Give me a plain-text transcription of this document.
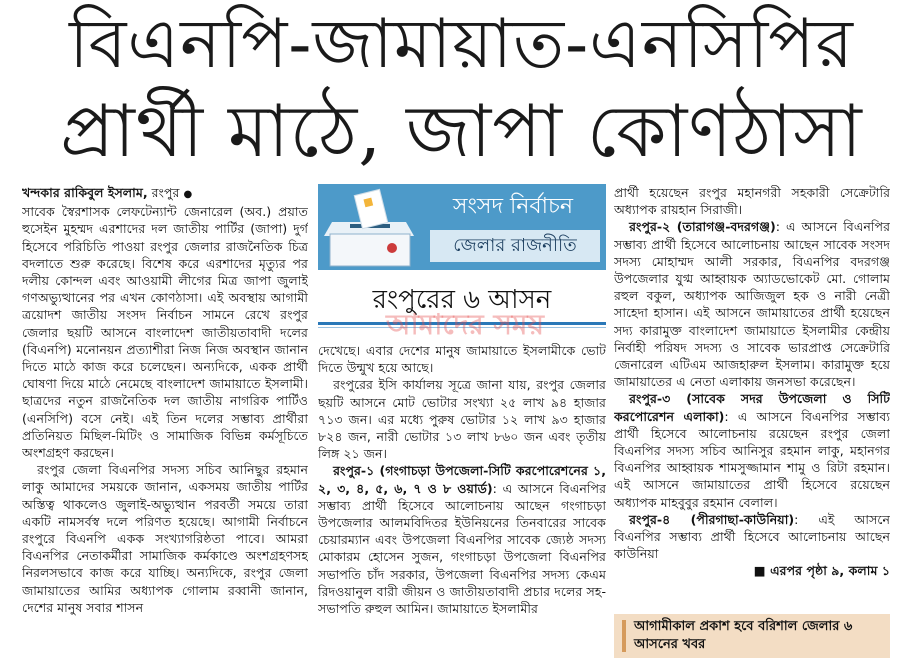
বিএনপি-জামায়াত-এনসিপির
প্রার্থী মাঠে, জাপা কোণঠাসা

খন্দকার রাকিবুল ইসলাম, রংপুর ●

সাবেক স্বৈরশাসক লেফটেন্যান্ট জেনারেল (অব.) প্রয়াত হুসেইন মুহম্মদ এরশাদের দল জাতীয় পার্টির (জাপা) দুর্গ হিসেবে পরিচিতি পাওয়া রংপুর জেলার রাজনৈতিক চিত্র বদলাতে শুরু করেছে। বিশেষ করে এরশাদের মৃত্যুর পর দলীয় কোন্দল এবং আওয়ামী লীগের মিত্র জাপা জুলাই গণঅভ্যুত্থানের পর এখন কোণঠাসা। এই অবস্থায় আগামী ত্রয়োদশ জাতীয় সংসদ নির্বাচন সামনে রেখে রংপুর জেলার ছয়টি আসনে বাংলাদেশ জাতীয়তাবাদী দলের (বিএনপি) মনোনয়ন প্রত্যাশীরা নিজ নিজ অবস্থান জানান দিতে মাঠে কাজ করে চলেছেন। অন্যদিকে, একক প্রার্থী ঘোষণা দিয়ে মাঠে নেমেছে বাংলাদেশ জামায়াতে ইসলামী। ছাত্রদের নতুন রাজনৈতিক দল জাতীয় নাগরিক পার্টিও (এনসিপি) বসে নেই। এই তিন দলের সম্ভাব্য প্রার্থীরা প্রতিনিয়ত মিছিল-মিটিং ও সামাজিক বিভিন্ন কর্মসূচিতে অংশগ্রহণ করছেন।

রংপুর জেলা বিএনপির সদস্য সচিব আনিছুর রহমান লাকু আমাদের সময়কে জানান, একসময় জাতীয় পার্টির অস্তিত্ব থাকলেও জুলাই-অভ্যুত্থান পরবর্তী সময়ে তারা একটি নামসর্বস্ব দলে পরিণত হয়েছে। আগামী নির্বাচনে রংপুরে বিএনপি একক সংখ্যাগরিষ্ঠতা পাবে। আমরা বিএনপির নেতাকর্মীরা সামাজিক কর্মকাণ্ডে অংশগ্রহণসহ নিরলসভাবে কাজ করে যাচ্ছি। অন্যদিকে, রংপুর জেলা জামায়াতের আমির অধ্যাপক গোলাম রব্বানী জানান, দেশের মানুষ সবার শাসন

সংসদ নির্বাচন
জেলার রাজনীতি
রংপুরের ৬ আসন
আমাদের সময়

দেখেছে। এবার দেশের মানুষ জামায়াতে ইসলামীকে ভোট দিতে উন্মুখ হয়ে আছে।

রংপুরের ইসি কার্যালয় সূত্রে জানা যায়, রংপুর জেলার ছয়টি আসনে মোট ভোটার সংখ্যা ২৫ লাখ ৯৪ হাজার ৭১৩ জন। এর মধ্যে পুরুষ ভোটার ১২ লাখ ৯৩ হাজার ৮২৪ জন, নারী ভোটার ১৩ লাখ ৮৬০ জন এবং তৃতীয় লিঙ্গ ২১ জন।

রংপুর-১ (গংগাচড়া উপজেলা-সিটি করপোরেশনের ১, ২, ৩, ৪, ৫, ৬, ৭ ও ৮ ওয়ার্ড): এ আসনে বিএনপির সম্ভাব্য প্রার্থী হিসেবে আলোচনায় আছেন গংগাচড়া উপজেলার আলমবিদিতর ইউনিয়নের তিনবারের সাবেক চেয়ারম্যান এবং উপজেলা বিএনপির সাবেক জ্যেষ্ঠ সদস্য মোকারম হোসেন সুজন, গংগাচড়া উপজেলা বিএনপির সভাপতি চাঁদ সরকার, উপজেলা বিএনপির সদস্য কেএম রিদওয়ানুল বারী জীয়ন ও জাতীয়তাবাদী প্রচার দলের সহ-সভাপতি রুহুল আমিন। জামায়াতে ইসলামীর

প্রার্থী হয়েছেন রংপুর মহানগরী সহকারী সেক্রেটারি অধ্যাপক রায়হান সিরাজী।

রংপুর-২ (তারাগঞ্জ-বদরগঞ্জ): এ আসনে বিএনপির সম্ভাব্য প্রার্থী হিসেবে আলোচনায় আছেন সাবেক সংসদ সদস্য মোহাম্মদ আলী সরকার, বিএনপির বদরগঞ্জ উপজেলার যুগ্ম আহ্বায়ক অ্যাডভোকেট মো. গোলাম রহুল বকুল, অধ্যাপক আজিজুল হক ও নারী নেত্রী সাহেদা হাসান। এই আসনে জামায়াতের প্রার্থী হয়েছেন সদ্য কারামুক্ত বাংলাদেশ জামায়াতে ইসলামীর কেন্দ্রীয় নির্বাহী পরিষদ সদস্য ও সাবেক ভারপ্রাপ্ত সেক্রেটারি জেনারেল এটিএম আজহারুল ইসলাম। কারামুক্ত হয়ে জামায়াতের এ নেতা এলাকায় জনসভা করেছেন।

রংপুর-৩ (সাবেক সদর উপজেলা ও সিটি করপোরেশন এলাকা): এ আসনে বিএনপির সম্ভাব্য প্রার্থী হিসেবে আলোচনায় রয়েছেন রংপুর জেলা বিএনপির সদস্য সচিব আনিসুর রহমান লাকু, মহানগর বিএনপির আহ্বায়ক শামসুজ্জামান শামু ও রিটা রহমান। এই আসনে জামায়াতের প্রার্থী হিসেবে রয়েছেন অধ্যাপক মাহবুবুর রহমান বেলাল।

রংপুর-৪ (পীরগাছা-কাউনিয়া): এই আসনে বিএনপির সম্ভাব্য প্রার্থী হিসেবে আলোচনায় আছেন কাউনিয়া

■ এরপর পৃষ্ঠা ৯, কলাম ১

আগামীকাল প্রকাশ হবে বরিশাল জেলার ৬ আসনের খবর
